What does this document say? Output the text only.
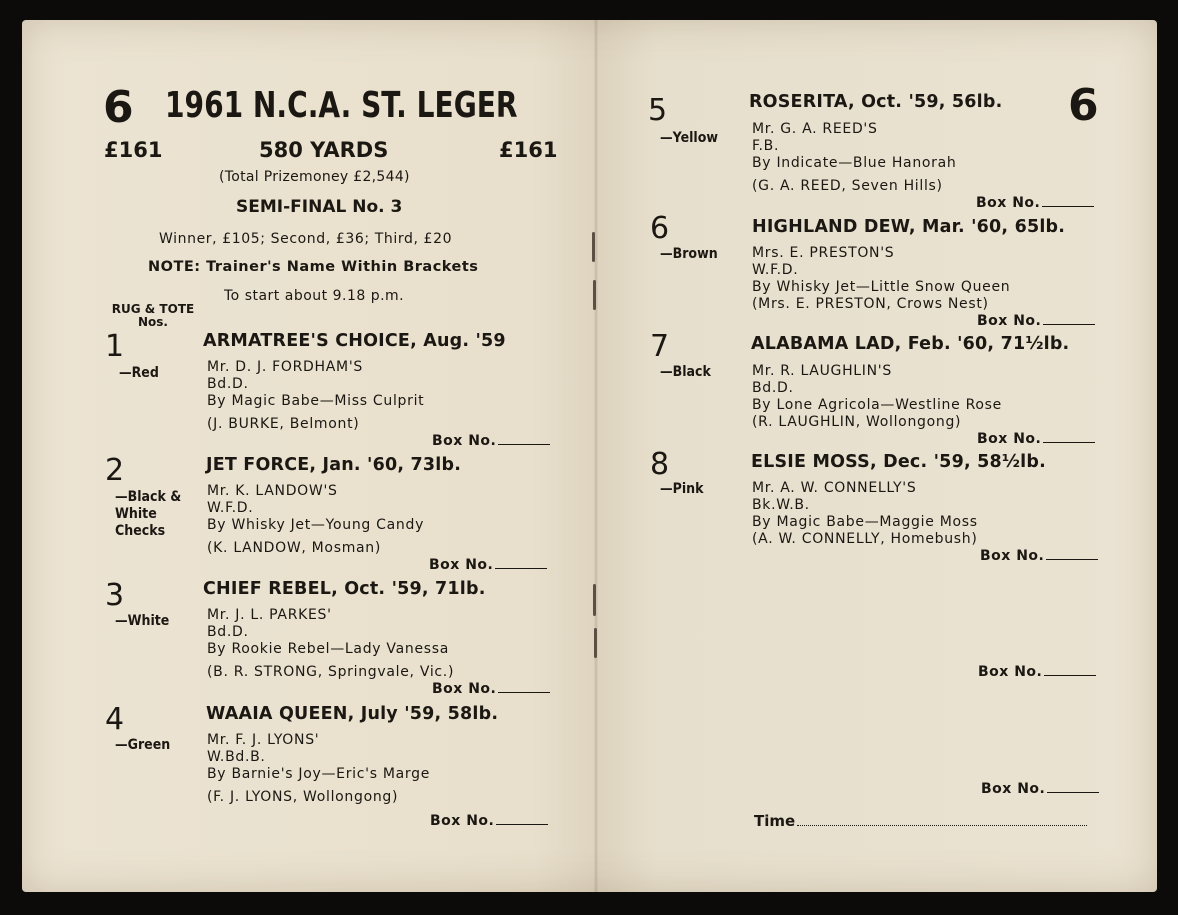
6 1961 N.C.A. ST. LEGER
£161	580 YARDS	£161
(Total Prizemoney £2,544)
SEMI-FINAL No. 3
Winner, £105; Second, £36; Third, £20
NOTE: Trainer's Name Within Brackets
To start about 9.18 p.m.
RUG & TOTE Nos.
6
1
—Red
ARMATREE'S CHOICE, Aug. '59
Mr. D. J. FORDHAM'S
Bd.D.
By Magic Babe—Miss Culprit
(J. BURKE, Belmont)
Box No.
2
—Black & White Checks
JET FORCE, Jan. '60, 73lb.
Mr. K. LANDOW'S
W.F.D.
By Whisky Jet—Young Candy
(K. LANDOW, Mosman)
Box No.
3
—White
CHIEF REBEL, Oct. '59, 71lb.
Mr. J. L. PARKES'
Bd.D.
By Rookie Rebel—Lady Vanessa
(B. R. STRONG, Springvale, Vic.)
Box No.
4
—Green
WAAIA QUEEN, July '59, 58lb.
Mr. F. J. LYONS'
W.Bd.B.
By Barnie's Joy—Eric's Marge
(F. J. LYONS, Wollongong)
Box No.
5
—Yellow
ROSERITA, Oct. '59, 56lb.
Mr. G. A. REED'S
F.B.
By Indicate—Blue Hanorah
(G. A. REED, Seven Hills)
Box No.
6
—Brown
HIGHLAND DEW, Mar. '60, 65lb.
Mrs. E. PRESTON'S
W.F.D.
By Whisky Jet—Little Snow Queen
(Mrs. E. PRESTON, Crows Nest)
Box No.
7
—Black
ALABAMA LAD, Feb. '60, 71½lb.
Mr. R. LAUGHLIN'S
Bd.D.
By Lone Agricola—Westline Rose
(R. LAUGHLIN, Wollongong)
Box No.
8
—Pink
ELSIE MOSS, Dec. '59, 58½lb.
Mr. A. W. CONNELLY'S
Bk.W.B.
By Magic Babe—Maggie Moss
(A. W. CONNELLY, Homebush)
Box No.
Box No.
Box No.
Time
